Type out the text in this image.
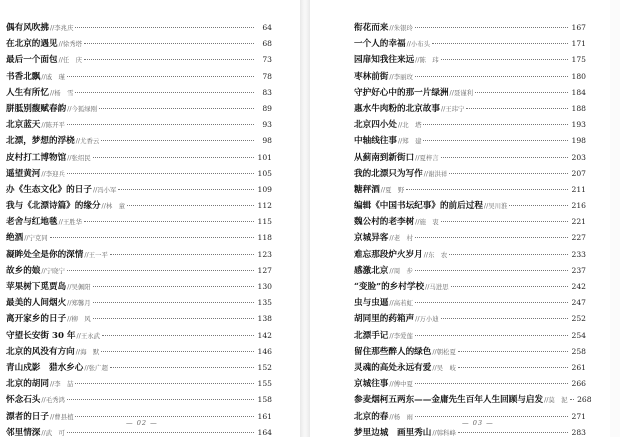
偶有风吹拂 //李兆庆	64
在北京的遇见 //徐秀塔	68
最后一个面包 //任　庆	73
书香北飘 //戚　瑾	78
人生有所忆 //杨　雪	83
胼胝别馥赋春韵 //今狐绿刚	89
北京蓝天 //陈开平	93
北漂，梦想的浮桡 //尤香云	98
皮村打工博物馆 //张绍民	101
遥望黄河 //李迎兵	105
办《生态文化》的日子 //冯小军	109
我与《北漂诗篇》的缘分 //林　童	112
老舍与红地毯 //王胜华	115
绝酒 //宁克同	118
凝眸处全是你的深情 //王一平	123
故乡的娘 //宁晓宁	127
苹果树下觅贾岛 //吴佩阳	130
最美的人间烟火 //郑馨月	135
离开家乡的日子 //柳　风	138
守望长安街 30 年 //王永武	142
北京的风没有方向 //海　默	146
青山戍影　猎水乡心 //张广超	152
北京的胡同 //李　喆	155
怀念石头 //毛秀鸿	158
漂者的日子 //曹县植	161
邻里情深 //武　可	164
— 02 —
衔花而来 //朱银玲	167
一个人的幸福 //小布头	171
园扉知我往来远 //陈　玮	175
枣林前街 //李丽玫	180
守护好心中的那一片绿洲 //聂谨利	184
惠水牛肉粉的北京故事 //王玮宁	188
北京四小处 //北　塔	193
中轴线往事 //郑　建	198
从蓟南到新街口 //夏梓言	203
我的北漂只为写作 //谢洪祥	207
糖秤酒 //夏　野	211
编辑《中国书坛纪事》的前后过程 //吴川淮	216
魏公村的老李树 //施　衷	221
京城异客 //老　村	227
难忘那段炉火岁月 //东　农	233
感激北京 //周　步	237
“变脸”的乡村学校 //马进思	242
虫与虫逼 //高若虹	247
胡同里的药箱声 //万小迪	252
北漂手记 //李爱莲	254
留住那些醉人的绿色 //朝松夏	258
灵魂的高处永远有爱 //吴　岐	261
京城往事 //傅中夏	266
参麦烟柯五两东——金庸先生百年人生回顾与启发 //莫　泥 268
北京的春 //杨　雨	271
梦里边城　画里秀山 //韩科峰	283
— 03 —
